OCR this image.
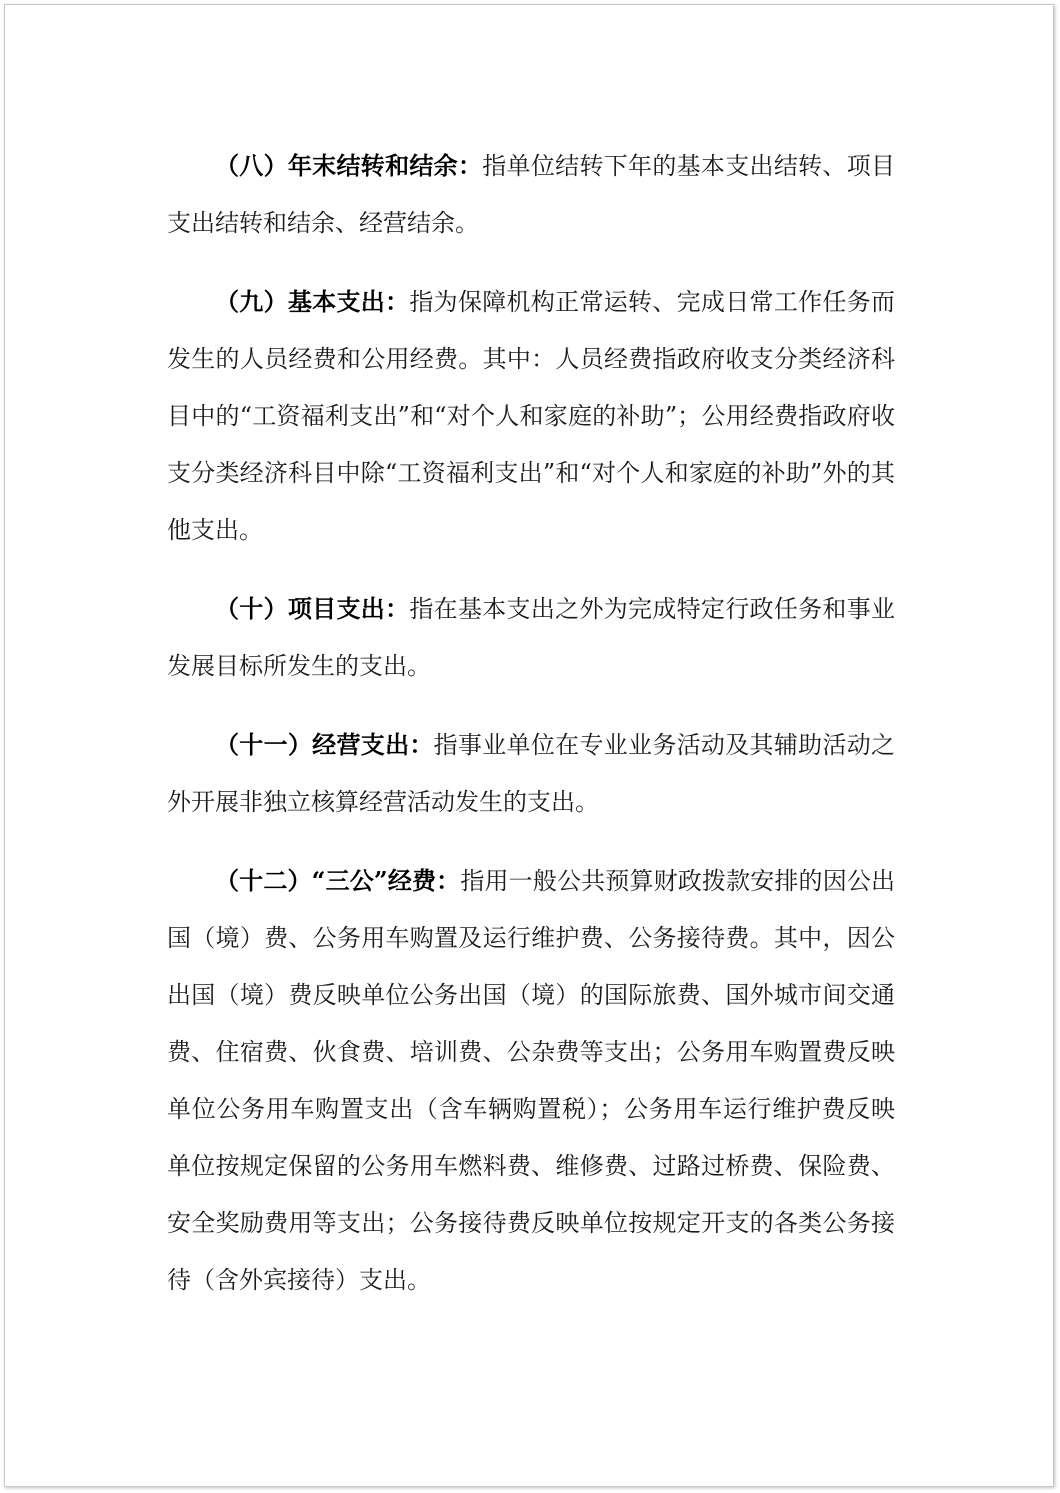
（八）年末结转和结余：指单位结转下年的基本支出结转、项目支出结转和结余、经营结余。

（九）基本支出：指为保障机构正常运转、完成日常工作任务而发生的人员经费和公用经费。其中：人员经费指政府收支分类经济科目中的“工资福利支出”和“对个人和家庭的补助”；公用经费指政府收支分类经济科目中除“工资福利支出”和“对个人和家庭的补助”外的其他支出。

（十）项目支出：指在基本支出之外为完成特定行政任务和事业发展目标所发生的支出。

（十一）经营支出：指事业单位在专业业务活动及其辅助活动之外开展非独立核算经营活动发生的支出。

（十二）“三公”经费：指用一般公共预算财政拨款安排的因公出国（境）费、公务用车购置及运行维护费、公务接待费。其中，因公出国（境）费反映单位公务出国（境）的国际旅费、国外城市间交通费、住宿费、伙食费、培训费、公杂费等支出；公务用车购置费反映单位公务用车购置支出（含车辆购置税）；公务用车运行维护费反映单位按规定保留的公务用车燃料费、维修费、过路过桥费、保险费、安全奖励费用等支出；公务接待费反映单位按规定开支的各类公务接待（含外宾接待）支出。
